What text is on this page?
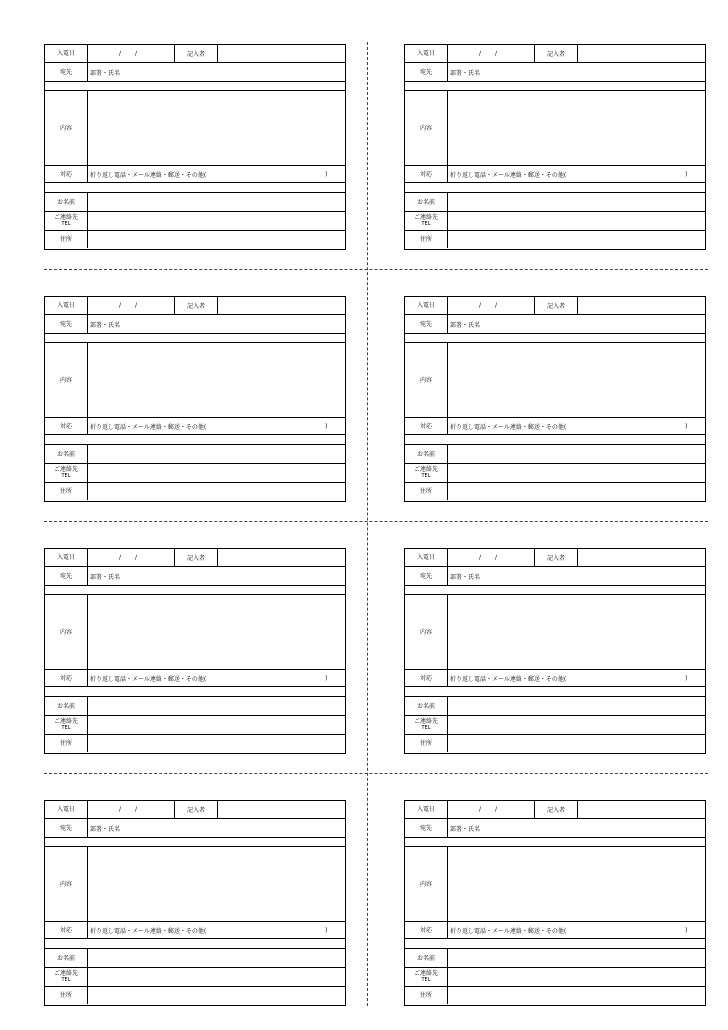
入電日	/ /	記入者
宛先	部署・氏名
内容
対応	折り返し電話・メール連絡・郵送・その他(	)
お名前
ご連絡先
TEL
住所
入電日	/ /	記入者
宛先	部署・氏名
内容
対応	折り返し電話・メール連絡・郵送・その他(	)
お名前
ご連絡先
TEL
住所
入電日	/ /	記入者
宛先	部署・氏名
内容
対応	折り返し電話・メール連絡・郵送・その他(	)
お名前
ご連絡先
TEL
住所
入電日	/ /	記入者
宛先	部署・氏名
内容
対応	折り返し電話・メール連絡・郵送・その他(	)
お名前
ご連絡先
TEL
住所
入電日	/ /	記入者
宛先	部署・氏名
内容
対応	折り返し電話・メール連絡・郵送・その他(	)
お名前
ご連絡先
TEL
住所
入電日	/ /	記入者
宛先	部署・氏名
内容
対応	折り返し電話・メール連絡・郵送・その他(	)
お名前
ご連絡先
TEL
住所
入電日	/ /	記入者
宛先	部署・氏名
内容
対応	折り返し電話・メール連絡・郵送・その他(	)
お名前
ご連絡先
TEL
住所
入電日	/ /	記入者
宛先	部署・氏名
内容
対応	折り返し電話・メール連絡・郵送・その他(	)
お名前
ご連絡先
TEL
住所
